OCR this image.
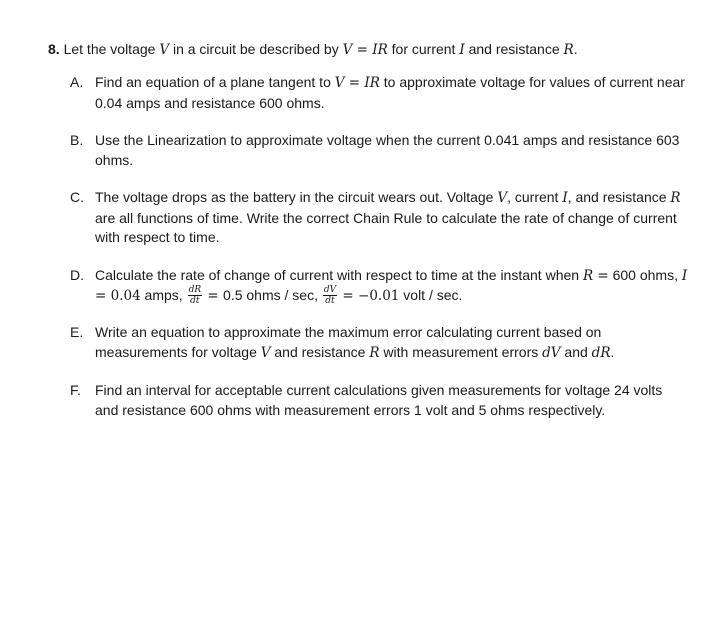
8. Let the voltage V in a circuit be described by V = IR for current I and resistance R.

A. Find an equation of a plane tangent to V = IR to approximate voltage for values of current near 0.04 amps and resistance 600 ohms.
B. Use the Linearization to approximate voltage when the current 0.041 amps and resistance 603 ohms.
C. The voltage drops as the battery in the circuit wears out. Voltage V, current I, and resistance R are all functions of time. Write the correct Chain Rule to calculate the rate of change of current with respect to time.
D. Calculate the rate of change of current with respect to time at the instant when R = 600 ohms, I = 0.04 amps, $\frac{dR}{dt} = 0.5$ ohms / sec, $\frac{dV}{dt} = -0.01$ volt / sec.
E. Write an equation to approximate the maximum error calculating current based on measurements for voltage V and resistance R with measurement errors dV and dR.
F. Find an interval for acceptable current calculations given measurements for voltage 24 volts and resistance 600 ohms with measurement errors 1 volt and 5 ohms respectively.
